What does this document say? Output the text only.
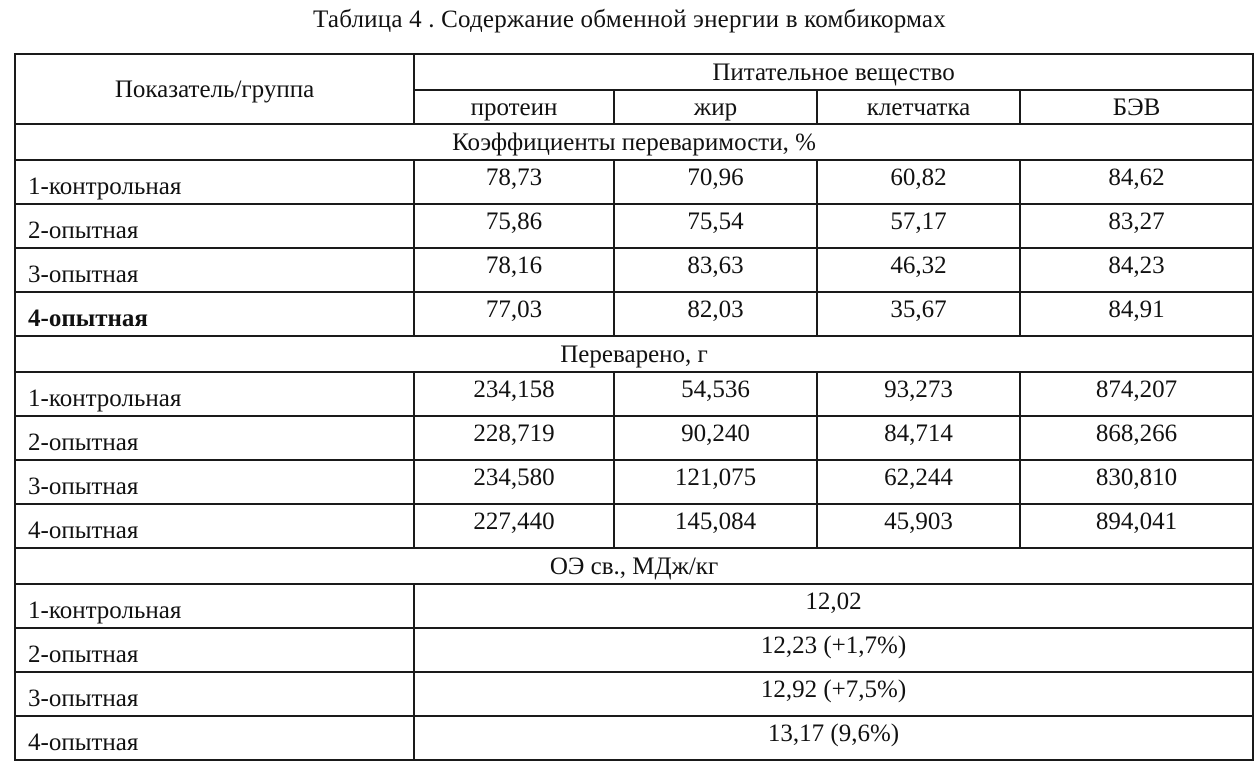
Таблица 4 . Содержание обменной энергии в комбикормах
Показатель/группа	Питательное вещество			
	протеин	жир	клетчатка	БЭВ
Коэффициенты переваримости, %				
1-контрольная	78,73	70,96	60,82	84,62
2-опытная	75,86	75,54	57,17	83,27
3-опытная	78,16	83,63	46,32	84,23
4-опытная	77,03	82,03	35,67	84,91
Переварено, г				
1-контрольная	234,158	54,536	93,273	874,207
2-опытная	228,719	90,240	84,714	868,266
3-опытная	234,580	121,075	62,244	830,810
4-опытная	227,440	145,084	45,903	894,041
ОЭ св., МДж/кг				
1-контрольная	12,02			
2-опытная	12,23 (+1,7%)			
3-опытная	12,92 (+7,5%)			
4-опытная	13,17 (9,6%)			
